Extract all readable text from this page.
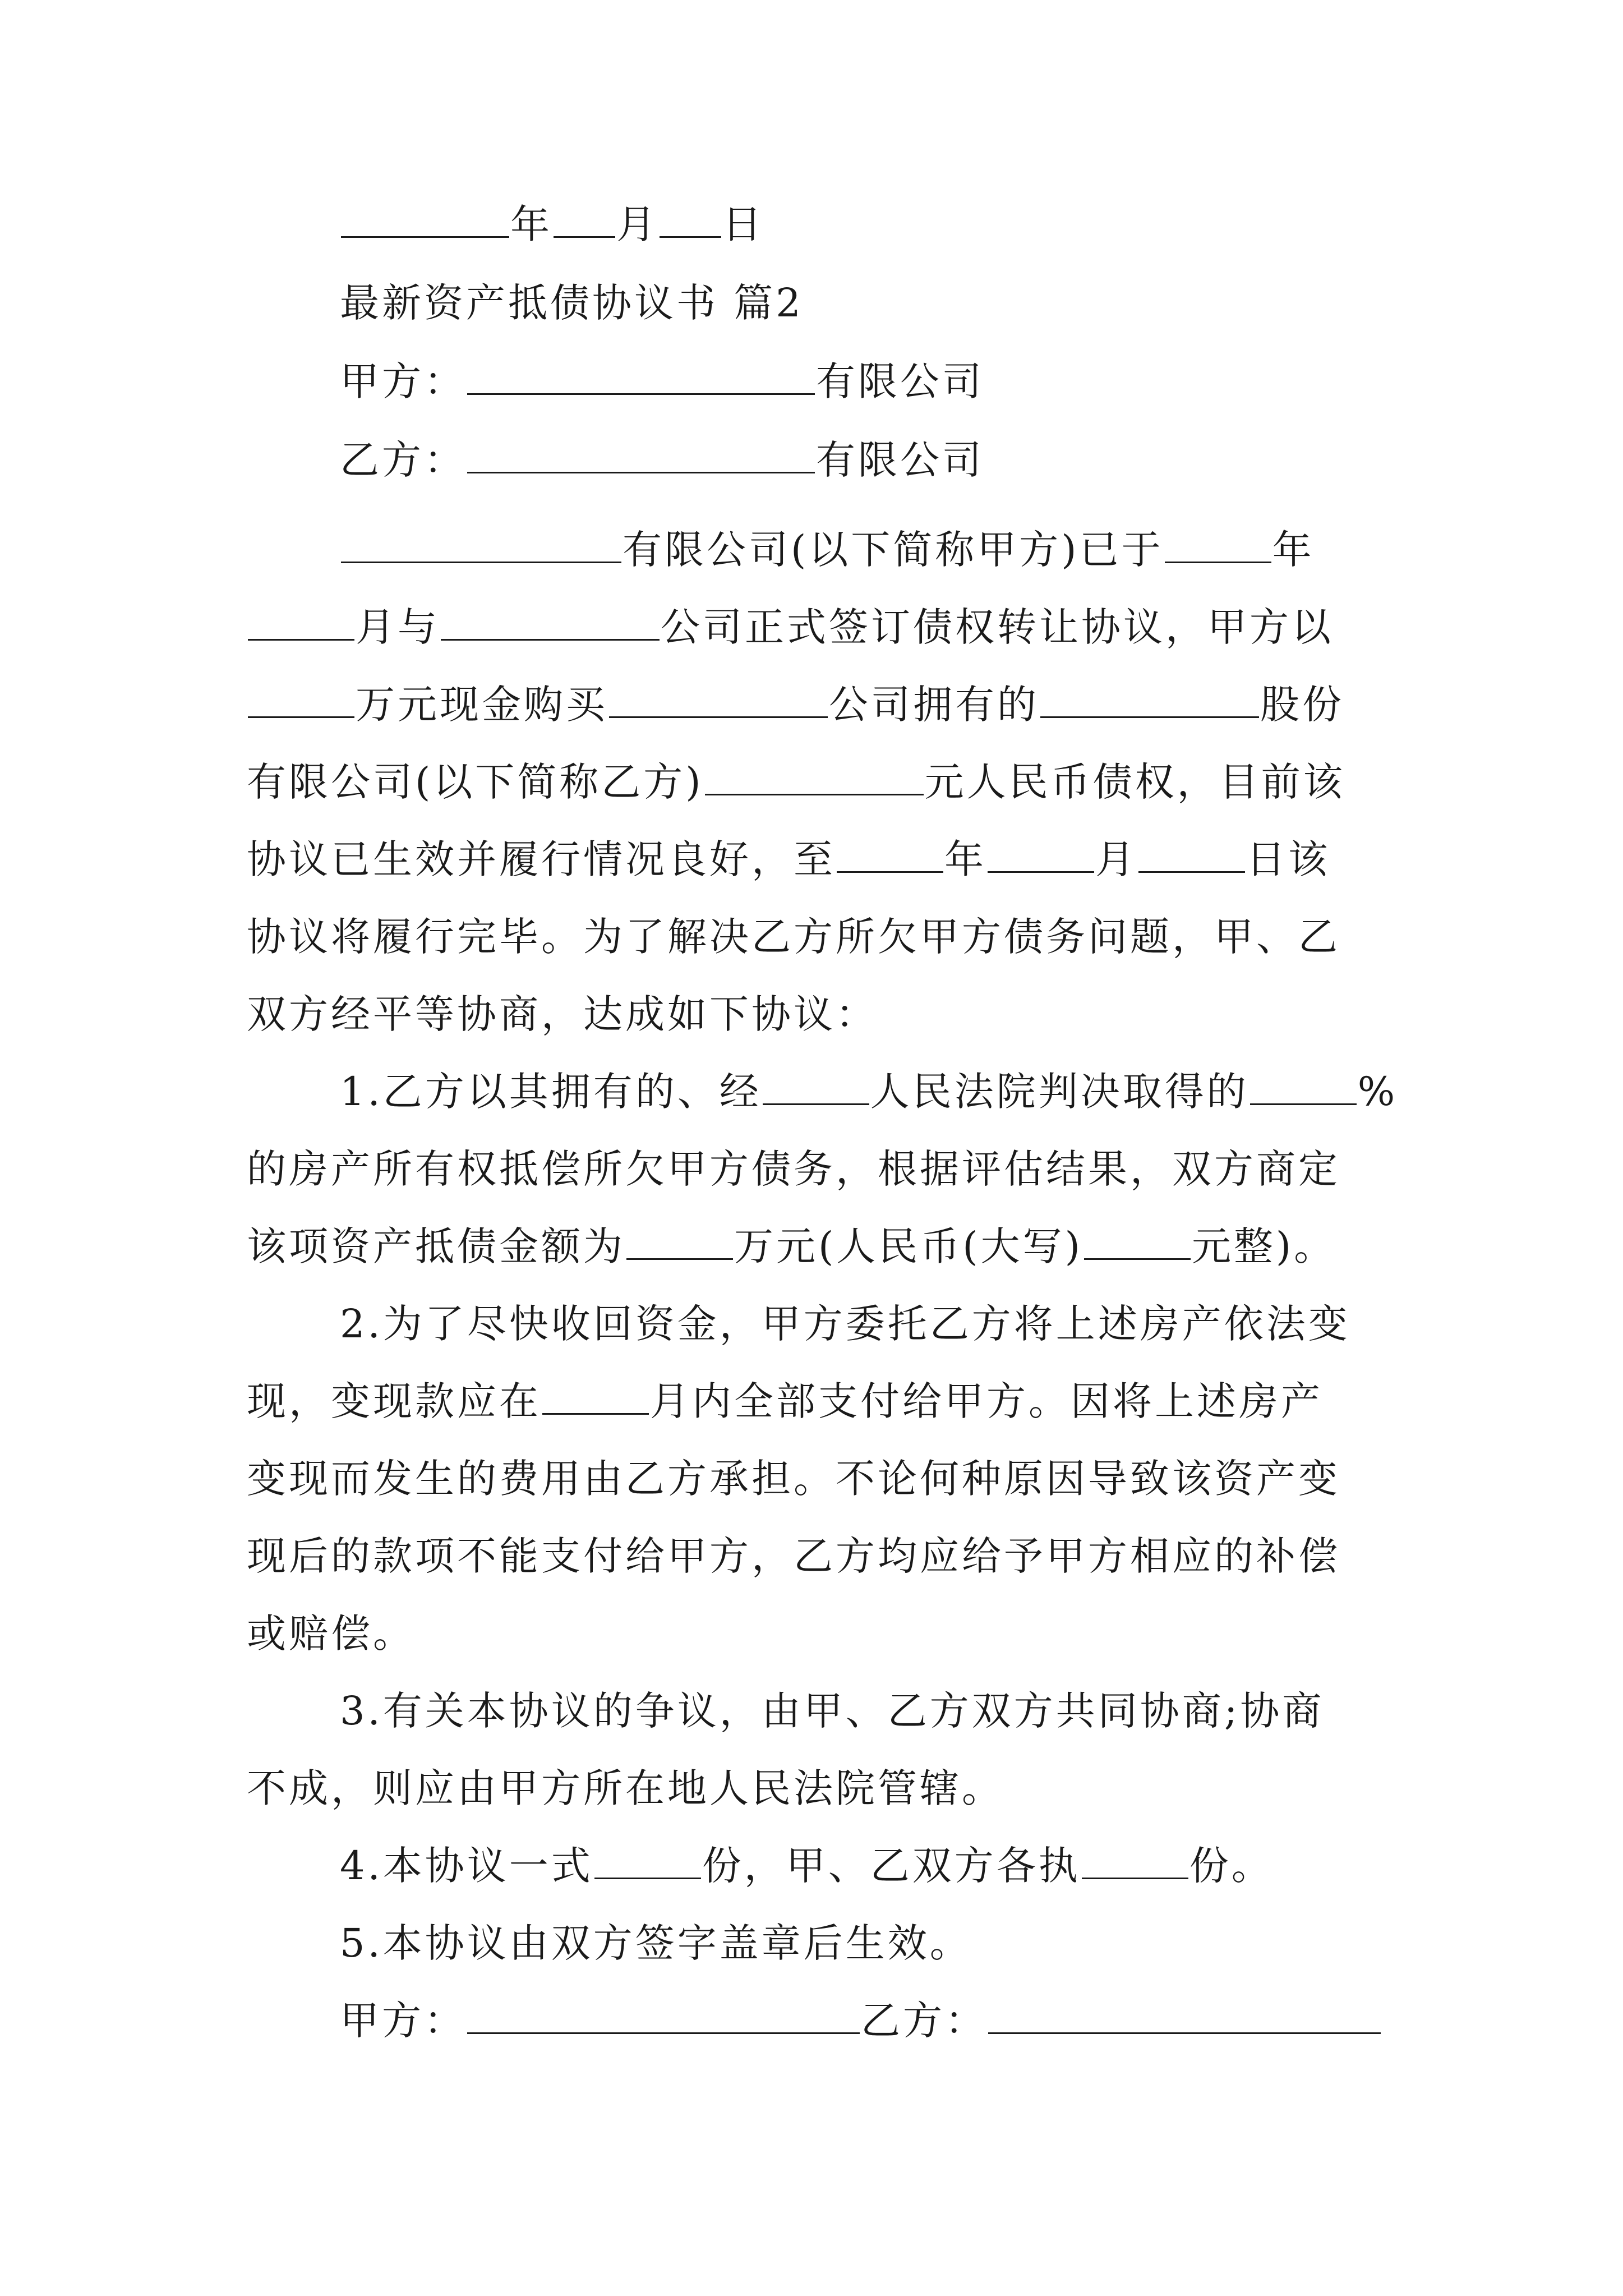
年 月 日
最新资产抵债协议书 篇2
甲方：	有限公司
乙方：	有限公司
有限公司(以下简称甲方)已于	年
月与	公司正式签订债权转让协议，甲方以
万元现金购买	公司拥有的	股份
有限公司(以下简称乙方)	元人民币债权，目前该
协议已生效并履行情况良好，至	年	月	日该
协议将履行完毕。为了解决乙方所欠甲方债务问题，甲、乙
双方经平等协商，达成如下协议：
1.乙方以其拥有的、经	人民法院判决取得的	%
的房产所有权抵偿所欠甲方债务，根据评估结果，双方商定
该项资产抵债金额为	万元(人民币(大写)	元整)。
2.为了尽快收回资金，甲方委托乙方将上述房产依法变
现，变现款应在	月内全部支付给甲方。因将上述房产
变现而发生的费用由乙方承担。不论何种原因导致该资产变
现后的款项不能支付给甲方，乙方均应给予甲方相应的补偿
或赔偿。
3.有关本协议的争议，由甲、乙方双方共同协商;协商
不成，则应由甲方所在地人民法院管辖。
4.本协议一式	份，甲、乙双方各执	份。
5.本协议由双方签字盖章后生效。
甲方：	乙方：
